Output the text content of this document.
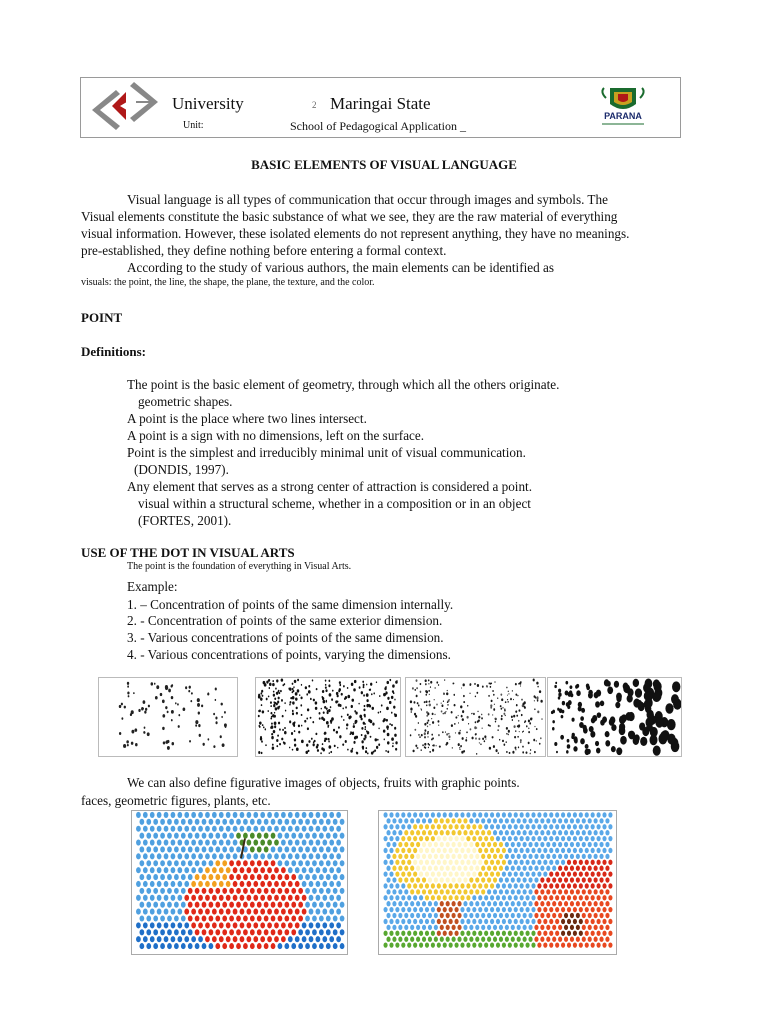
University	2 Maringai State
Unit:	School of Pedagogical Application _
PARANA
BASIC ELEMENTS OF VISUAL LANGUAGE
Visual language is all types of communication that occur through images and symbols. The
Visual elements constitute the basic substance of what we see, they are the raw material of everything
visual information. However, these isolated elements do not represent anything, they have no meanings.
pre-established, they define nothing before entering a formal context.
According to the study of various authors, the main elements can be identified as
visuals: the point, the line, the shape, the plane, the texture, and the color.
POINT
Definitions:
The point is the basic element of geometry, through which all the others originate.
geometric shapes.
A point is the place where two lines intersect.
A point is a sign with no dimensions, left on the surface.
Point is the simplest and irreducibly minimal unit of visual communication.
(DONDIS, 1997).
Any element that serves as a strong center of attraction is considered a point.
visual within a structural scheme, whether in a composition or in an object
(FORTES, 2001).
USE OF THE DOT IN VISUAL ARTS
The point is the foundation of everything in Visual Arts.
Example:
1. – Concentration of points of the same dimension internally.
2. - Concentration of points of the same exterior dimension.
3. - Various concentrations of points of the same dimension.
4. - Various concentrations of points, varying the dimensions.
We can also define figurative images of objects, fruits with graphic points.
faces, geometric figures, plants, etc.
